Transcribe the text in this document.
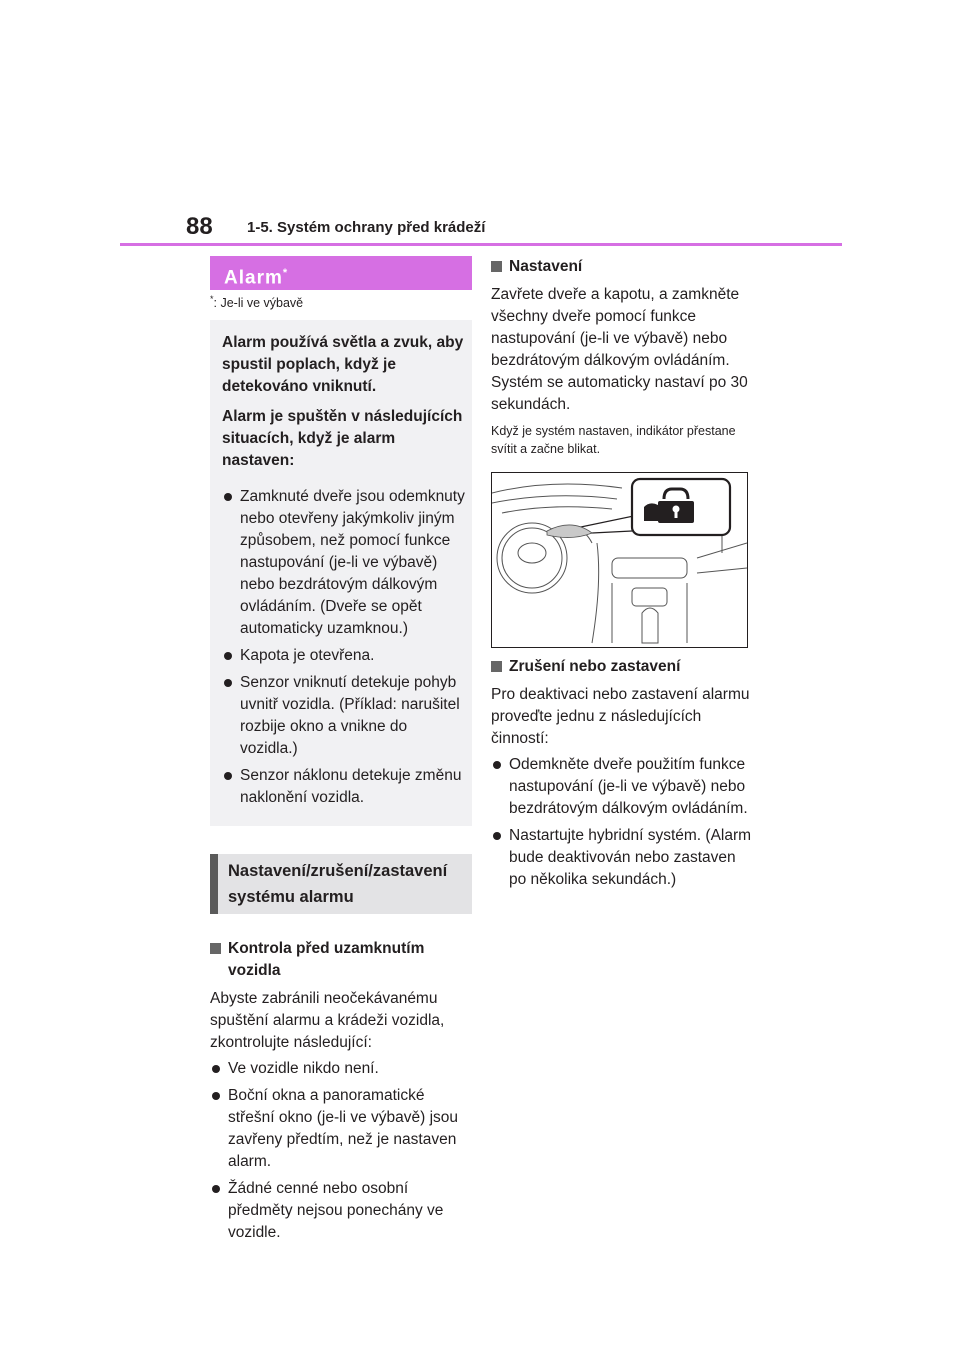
88 1-5. Systém ochrany před krádeží
Alarm*
*: Je-li ve výbavě

Alarm používá světla a zvuk, aby spustil poplach, když je detekováno vniknutí.

Alarm je spuštěn v následujících situacích, když je alarm nastaven:

Zamknuté dveře jsou odemknuty nebo otevřeny jakýmkoliv jiným způsobem, než pomocí funkce nastupování (je-li ve výbavě) nebo bezdrátovým dálkovým ovládáním. (Dveře se opět automaticky uzamknou.)
Kapota je otevřena.
Senzor vniknutí detekuje pohyb uvnitř vozidla. (Příklad: narušitel rozbije okno a vnikne do vozidla.)
Senzor náklonu detekuje změnu naklonění vozidla.
Nastavení/zrušení/zastavení systému alarmu
Kontrola před uzamknutím vozidla

Abyste zabránili neočekávanému spuštění alarmu a krádeži vozidla, zkontrolujte následující:

Ve vozidle nikdo není.
Boční okna a panoramatické střešní okno (je-li ve výbavě) jsou zavřeny předtím, než je nastaven alarm.
Žádné cenné nebo osobní předměty nejsou ponechány ve vozidle.
Nastavení

Zavřete dveře a kapotu, a zamkněte všechny dveře pomocí funkce nastupování (je-li ve výbavě) nebo bezdrátovým dálkovým ovládáním. Systém se automaticky nastaví po 30 sekundách.

Když je systém nastaven, indikátor přestane svítit a začne blikat.

Zrušení nebo zastavení

Pro deaktivaci nebo zastavení alarmu proveďte jednu z následujících činností:

Odemkněte dveře použitím funkce nastupování (je-li ve výbavě) nebo bezdrátovým dálkovým ovládáním.
Nastartujte hybridní systém. (Alarm bude deaktivován nebo zastaven po několika sekundách.)
